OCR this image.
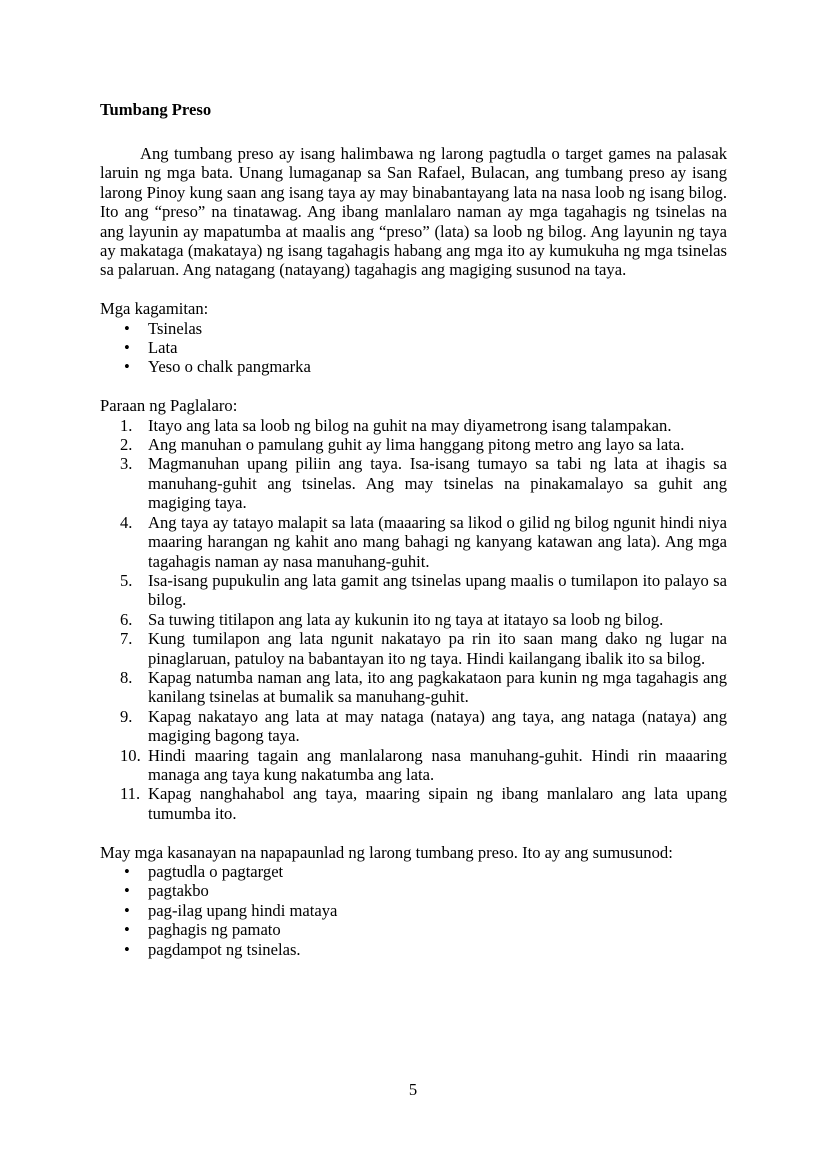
Tumbang Preso

Ang tumbang preso ay isang halimbawa ng larong pagtudla o target games na palasak laruin ng mga bata. Unang lumaganap sa San Rafael, Bulacan, ang tumbang preso ay isang larong Pinoy kung saan ang isang taya ay may binabantayang lata na nasa loob ng isang bilog. Ito ang “preso” na tinatawag. Ang ibang manlalaro naman ay mga tagahagis ng tsinelas na ang layunin ay mapatumba at maalis ang “preso” (lata) sa loob ng bilog. Ang layunin ng taya ay makataga (makataya) ng isang tagahagis habang ang mga ito ay kumukuha ng mga tsinelas sa palaruan. Ang natagang (natayang) tagahagis ang magiging susunod na taya.

Mga kagamitan:

• Tsinelas
• Lata
• Yeso o chalk pangmarka

Paraan ng Paglalaro:

Itayo ang lata sa loob ng bilog na guhit na may diyametrong isang talampakan.
Ang manuhan o pamulang guhit ay lima hanggang pitong metro ang layo sa lata.
Magmanuhan upang piliin ang taya. Isa-isang tumayo sa tabi ng lata at ihagis sa manuhang-guhit ang tsinelas. Ang may tsinelas na pinakamalayo sa guhit ang magiging taya.
Ang taya ay tatayo malapit sa lata (maaaring sa likod o gilid ng bilog ngunit hindi niya maaring harangan ng kahit ano mang bahagi ng kanyang katawan ang lata). Ang mga tagahagis naman ay nasa manuhang-guhit.
Isa-isang pupukulin ang lata gamit ang tsinelas upang maalis o tumilapon ito palayo sa bilog.
Sa tuwing titilapon ang lata ay kukunin ito ng taya at itatayo sa loob ng bilog.
Kung tumilapon ang lata ngunit nakatayo pa rin ito saan mang dako ng lugar na pinaglaruan, patuloy na babantayan ito ng taya. Hindi kailangang ibalik ito sa bilog.
Kapag natumba naman ang lata, ito ang pagkakataon para kunin ng mga tagahagis ang kanilang tsinelas at bumalik sa manuhang-guhit.
Kapag nakatayo ang lata at may nataga (nataya) ang taya, ang nataga (nataya) ang magiging bagong taya.
Hindi maaring tagain ang manlalarong nasa manuhang-guhit. Hindi rin maaaring managa ang taya kung nakatumba ang lata.
Kapag nanghahabol ang taya, maaring sipain ng ibang manlalaro ang lata upang tumumba ito.

May mga kasanayan na napapaunlad ng larong tumbang preso. Ito ay ang sumusunod:

• pagtudla o pagtarget
• pagtakbo
• pag-ilag upang hindi mataya
• paghagis ng pamato
• pagdampot ng tsinelas.
5
